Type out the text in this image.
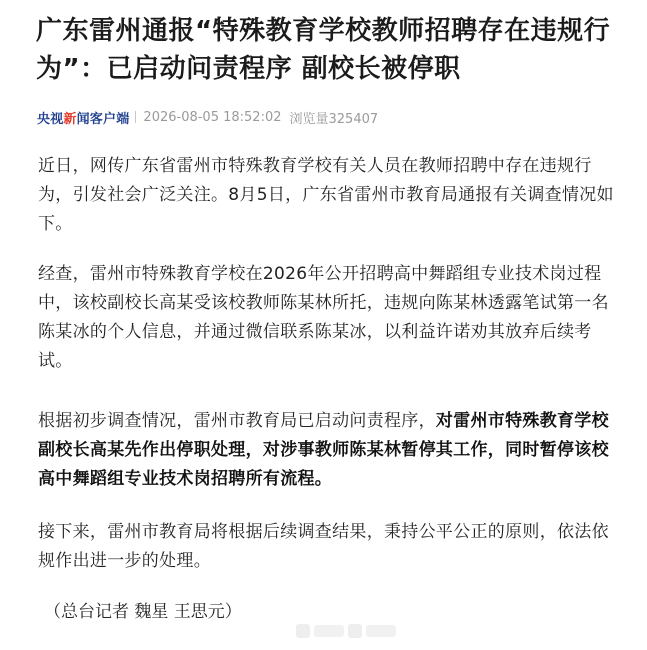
广东雷州通报“特殊教育学校教师招聘存在违规行为”：已启动问责程序 副校长被停职
央视 新 闻客户端 2026-08-05 18:52:02 浏览量325407

近日，网传广东省雷州市特殊教育学校有关人员在教师招聘中存在违规行为，引发社会广泛关注。8月5日，广东省雷州市教育局通报有关调查情况如下。

经查，雷州市特殊教育学校在2026年公开招聘高中舞蹈组专业技术岗过程中，该校副校长高某受该校教师陈某林所托，违规向陈某林透露笔试第一名陈某冰的个人信息，并通过微信联系陈某冰，以利益许诺劝其放弃后续考试。

根据初步调查情况，雷州市教育局已启动问责程序，对雷州市特殊教育学校副校长高某先作出停职处理，对涉事教师陈某林暂停其工作，同时暂停该校高中舞蹈组专业技术岗招聘所有流程。

接下来，雷州市教育局将根据后续调查结果，秉持公平公正的原则，依法依规作出进一步的处理。

（总台记者 魏星 王思元）
